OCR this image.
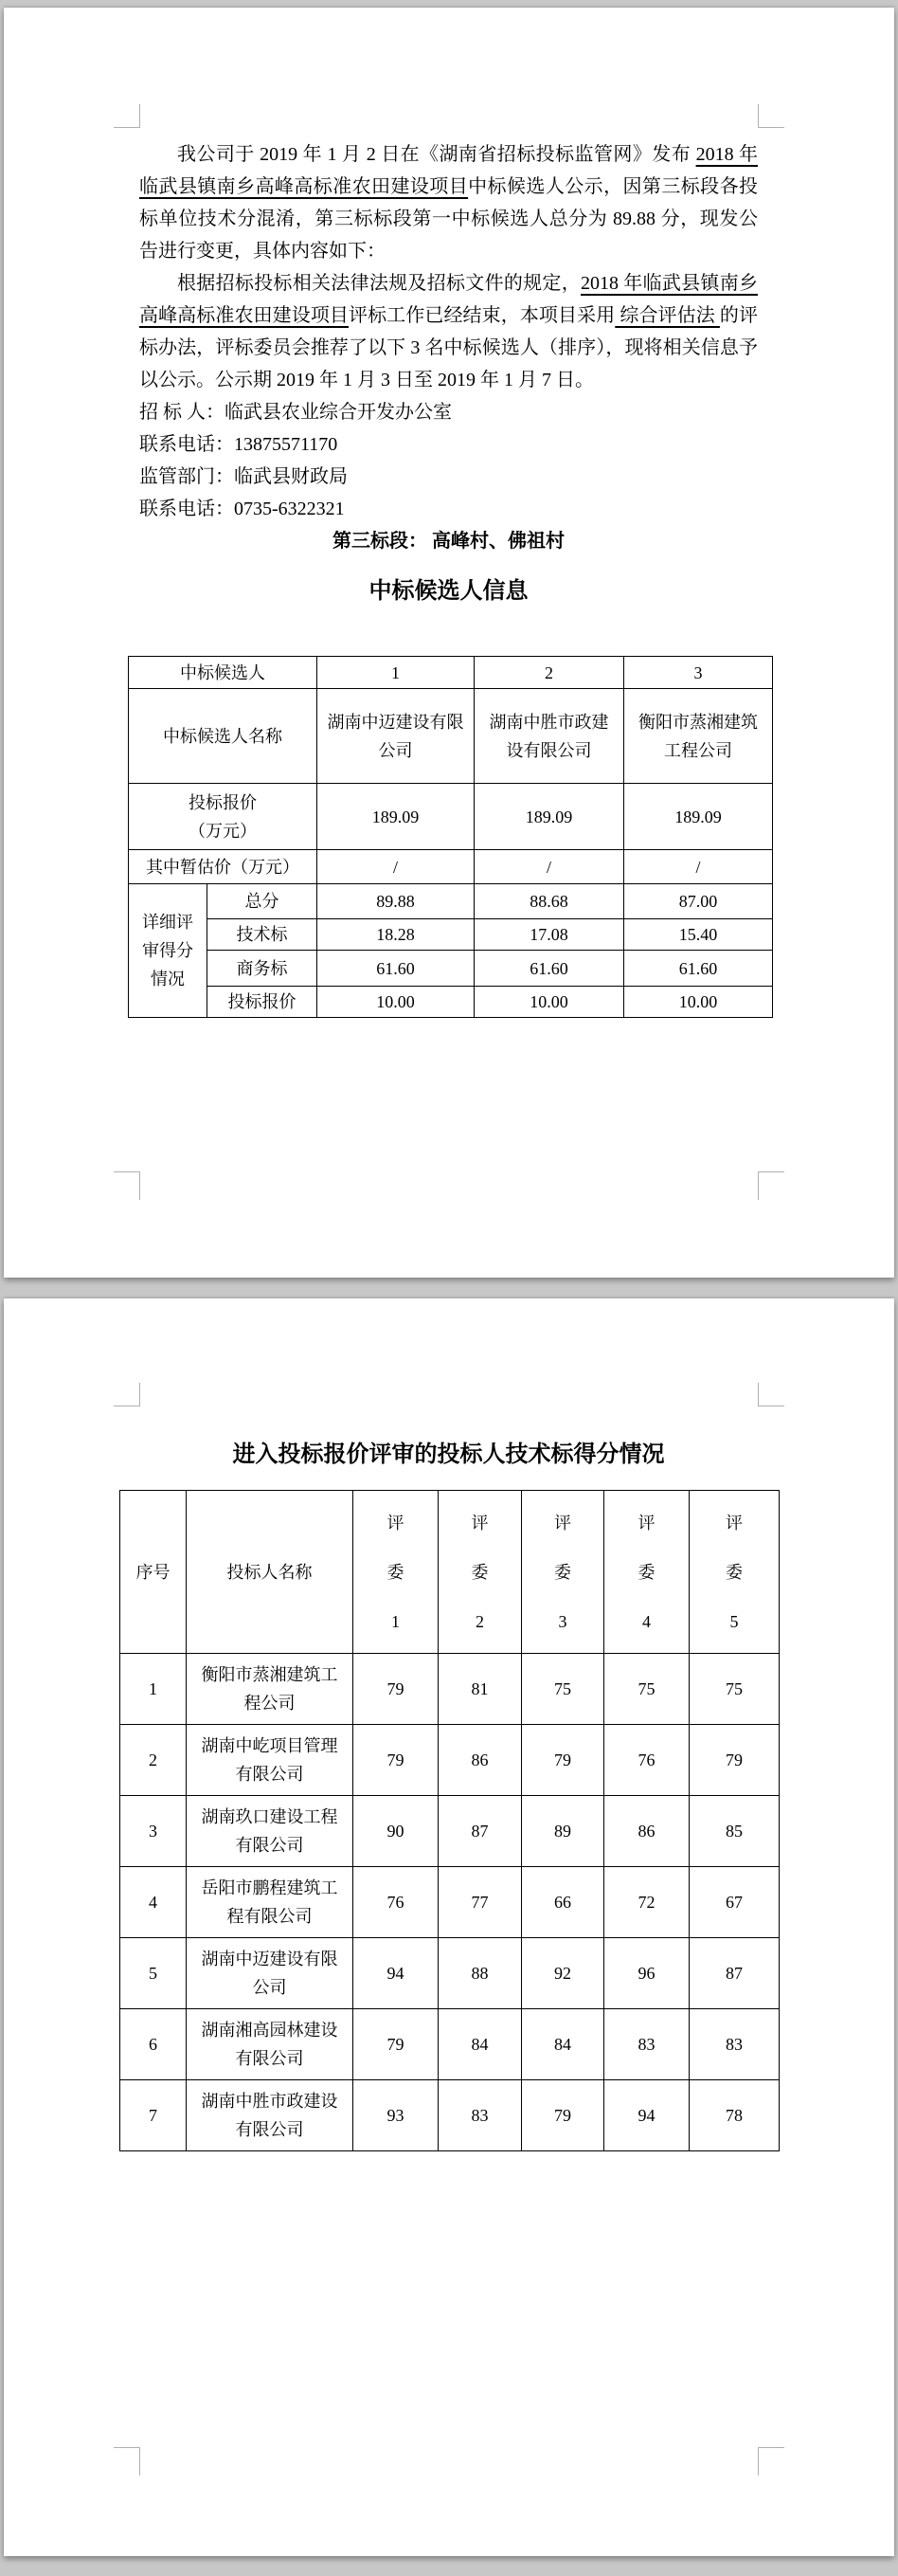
我公司于 2019 年 1 月 2 日在《湖南省招标投标监管网》发布 2018 年临武县镇南乡高峰高标准农田建设项目中标候选人公示，因第三标段各投标单位技术分混淆，第三标标段第一中标候选人总分为 89.88 分，现发公告进行变更，具体内容如下：

根据招标投标相关法律法规及招标文件的规定，2018 年临武县镇南乡高峰高标准农田建设项目评标工作已经结束，本项目采用 综合评估法 的评标办法，评标委员会推荐了以下 3 名中标候选人（排序），现将相关信息予以公示。公示期 2019 年 1 月 3 日至 2019 年 1 月 7 日。

招 标 人：临武县农业综合开发办公室
联系电话：13875571170
监管部门：临武县财政局
联系电话：0735-6322321
第三标段： 高峰村、佛祖村
中标候选人信息
中标候选人		1	2	3
中标候选人名称		湖南中迈建设有限公司	湖南中胜市政建设有限公司	衡阳市蒸湘建筑工程公司

投标报价（万元）		189.09	189.09	189.09
其中暂估价（万元）		/	/	/

详细评审得分情况	总分	89.88	88.68	87.00
	技术标	18.28	17.08	15.40
	商务标	61.60	61.60	61.60
	投标报价	10.00	10.00	10.00
进入投标报价评审的投标人技术标得分情况
序号	投标人名称	评委1	评委2	评委3	评委4	评委5

1	衡阳市蒸湘建筑工程公司	79	81	75	75	75
2	湖南中屹项目管理有限公司	79	86	79	76	79
3	湖南玖口建设工程有限公司	90	87	89	86	85
4	岳阳市鹏程建筑工程有限公司	76	77	66	72	67
5	湖南中迈建设有限公司	94	88	92	96	87
6	湖南湘高园林建设有限公司	79	84	84	83	83
7	湖南中胜市政建设有限公司	93	83	79	94	78
